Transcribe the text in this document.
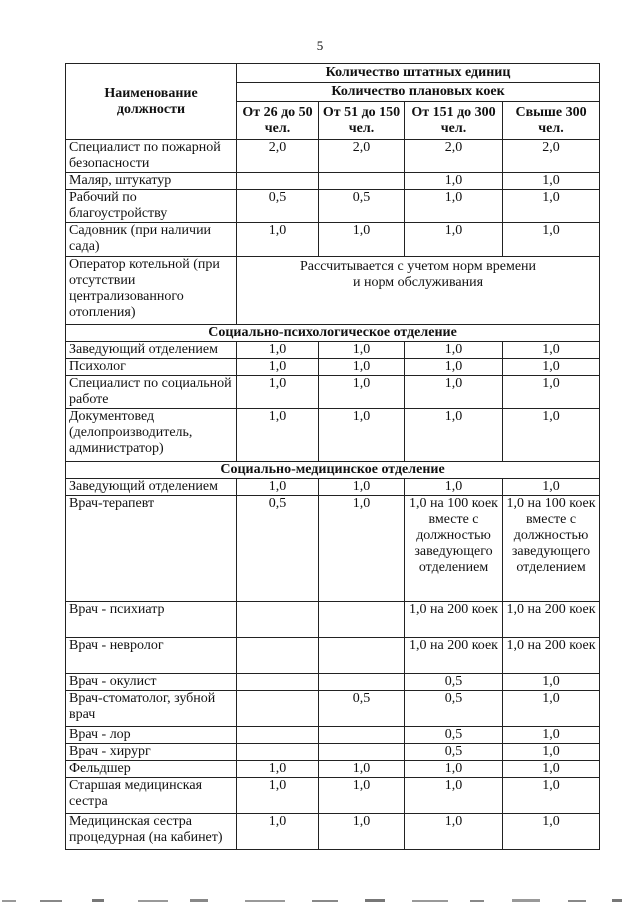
5
Наименование должности	Количество штатных единиц			
	Количество плановых коек			
	От 26 до 50 чел.	От 51 до 150 чел.	От 151 до 300 чел.	Свыше 300 чел.
Специалист по пожарной безопасности	2,0	2,0	2,0	2,0
Маляр, штукатур			1,0	1,0
Рабочий по благоустройству	0,5	0,5	1,0	1,0
Садовник (при наличии сада)	1,0	1,0	1,0	1,0
Оператор котельной (при отсутствии централизованного отопления)	Рассчитывается с учетом норм времени и норм обслуживания			
Социально-психологическое отделение				
Заведующий отделением	1,0	1,0	1,0	1,0
Психолог	1,0	1,0	1,0	1,0
Специалист по социальной работе	1,0	1,0	1,0	1,0
Документовед (делопроизводитель, администратор)	1,0	1,0	1,0	1,0
Социально-медицинское отделение				
Заведующий отделением	1,0	1,0	1,0	1,0
Врач-терапевт	0,5	1,0	1,0 на 100 коек вместе с должностью заведующего отделением	1,0 на 100 коек вместе с должностью заведующего отделением
Врач - психиатр			1,0 на 200 коек	1,0 на 200 коек
Врач - невролог			1,0 на 200 коек	1,0 на 200 коек
Врач - окулист			0,5	1,0
Врач-стоматолог, зубной врач		0,5	0,5	1,0
Врач - лор			0,5	1,0
Врач - хирург			0,5	1,0
Фельдшер	1,0	1,0	1,0	1,0
Старшая медицинская сестра	1,0	1,0	1,0	1,0
Медицинская сестра процедурная (на кабинет)	1,0	1,0	1,0	1,0
